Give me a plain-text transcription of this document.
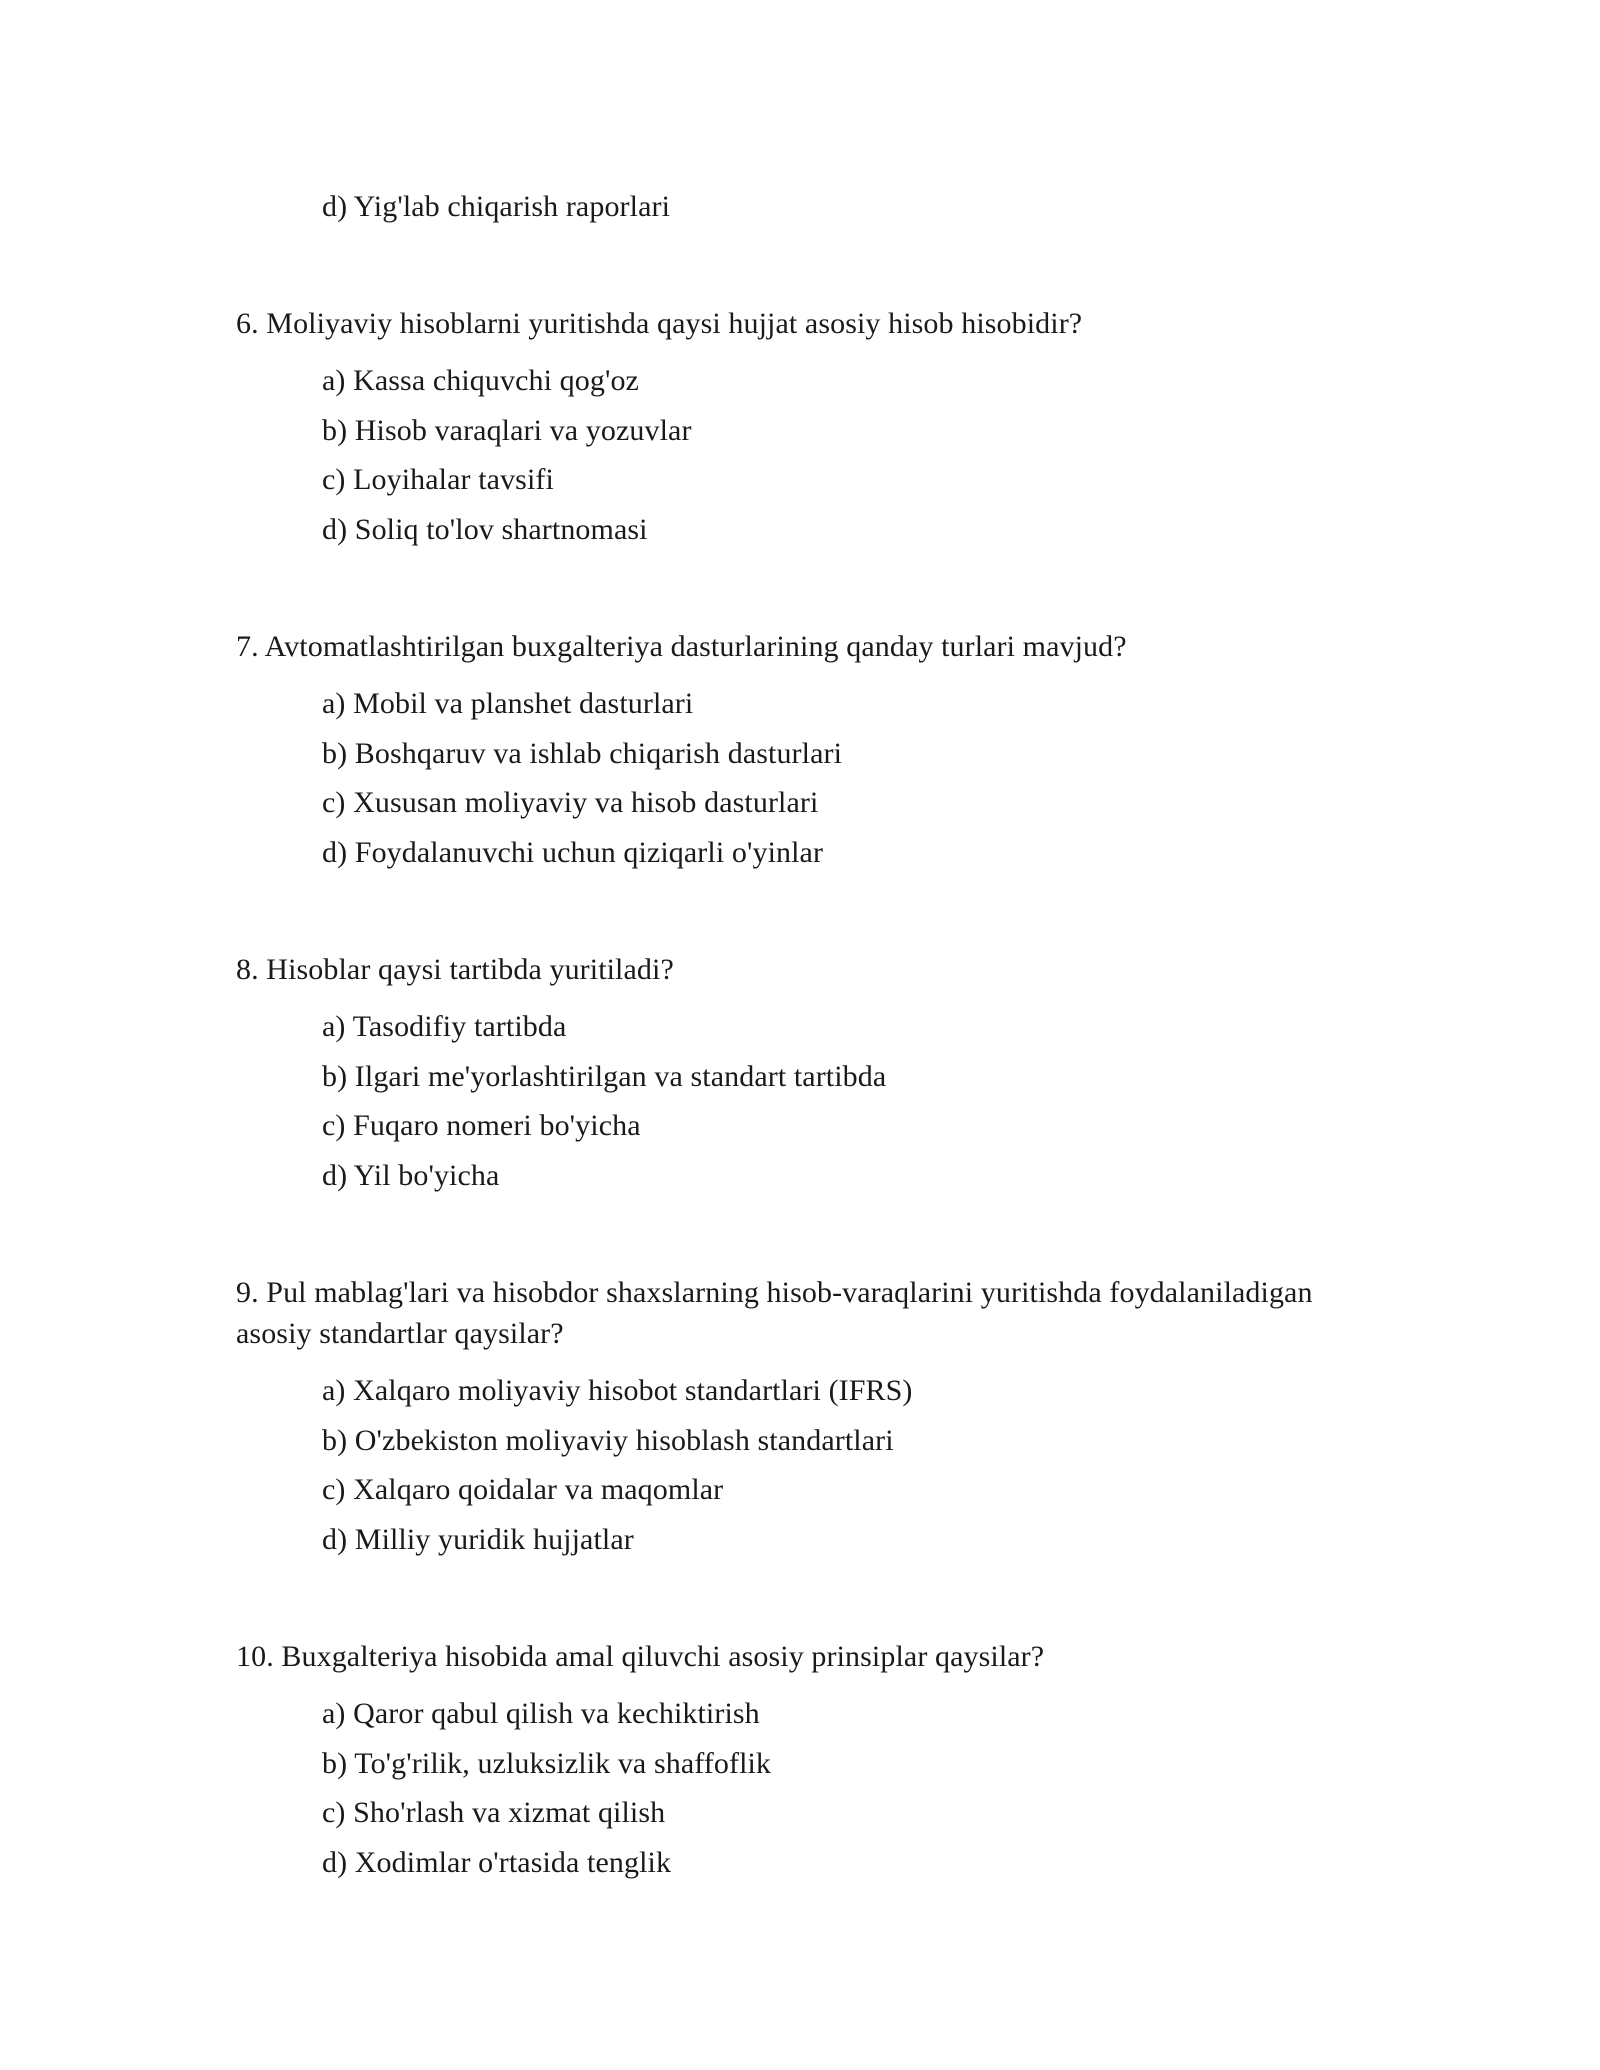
d) Yig'lab chiqarish raporlari
6. Moliyaviy hisoblarni yuritishda qaysi hujjat asosiy hisob hisobidir?
a) Kassa chiquvchi qog'oz
b) Hisob varaqlari va yozuvlar
c) Loyihalar tavsifi
d) Soliq to'lov shartnomasi
7. Avtomatlashtirilgan buxgalteriya dasturlarining qanday turlari mavjud?
a) Mobil va planshet dasturlari
b) Boshqaruv va ishlab chiqarish dasturlari
c) Xususan moliyaviy va hisob dasturlari
d) Foydalanuvchi uchun qiziqarli o'yinlar
8. Hisoblar qaysi tartibda yuritiladi?
a) Tasodifiy tartibda
b) Ilgari me'yorlashtirilgan va standart tartibda
c) Fuqaro nomeri bo'yicha
d) Yil bo'yicha
9. Pul mablag'lari va hisobdor shaxslarning hisob-varaqlarini yuritishda foydalaniladigan
asosiy standartlar qaysilar?
a) Xalqaro moliyaviy hisobot standartlari (IFRS)
b) O'zbekiston moliyaviy hisoblash standartlari
c) Xalqaro qoidalar va maqomlar
d) Milliy yuridik hujjatlar
10. Buxgalteriya hisobida amal qiluvchi asosiy prinsiplar qaysilar?
a) Qaror qabul qilish va kechiktirish
b) To'g'rilik, uzluksizlik va shaffoflik
c) Sho'rlash va xizmat qilish
d) Xodimlar o'rtasida tenglik
